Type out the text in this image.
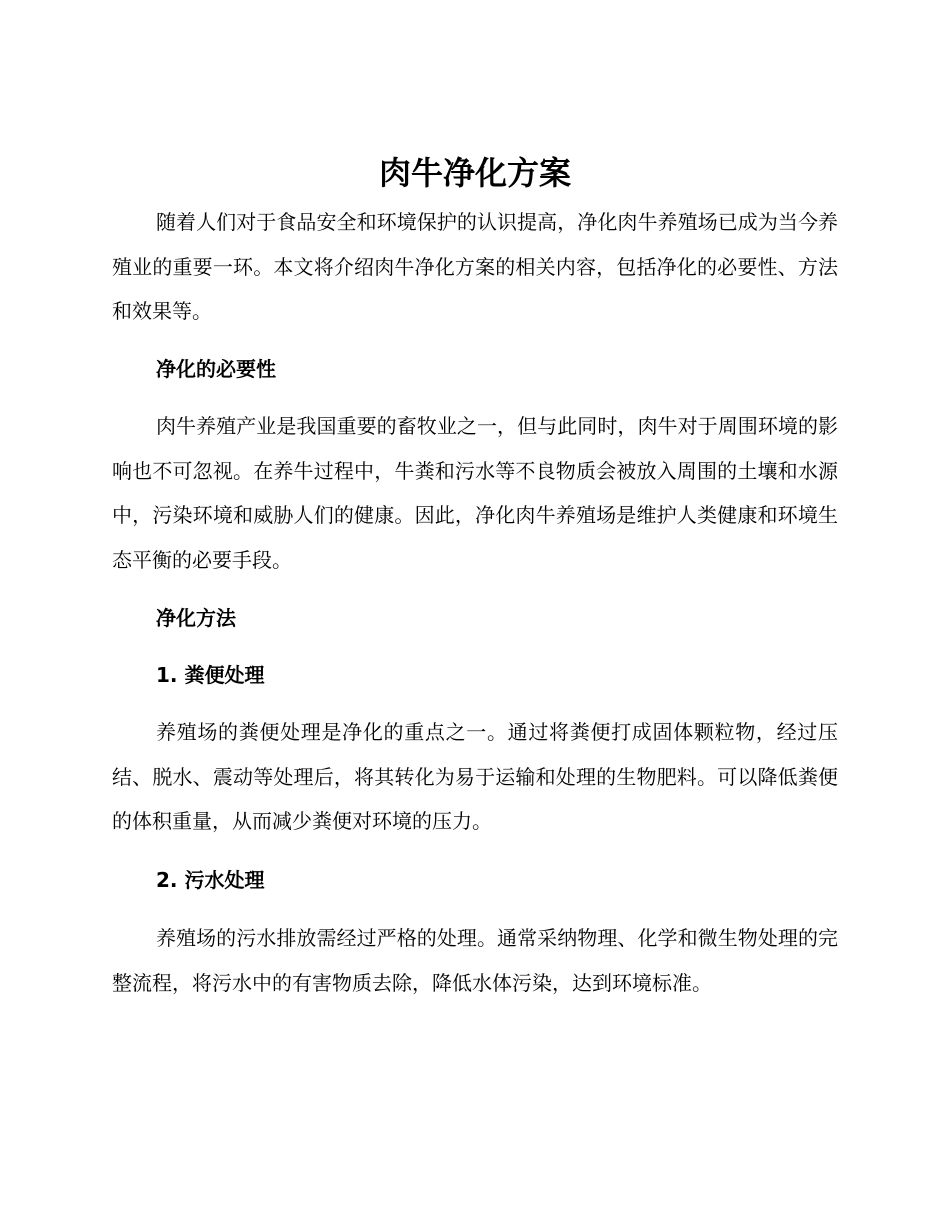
肉牛净化方案

随着人们对于食品安全和环境保护的认识提高，净化肉牛养殖场已成为当今养殖业的重要一环。本文将介绍肉牛净化方案的相关内容，包括净化的必要性、方法和效果等。

净化的必要性

肉牛养殖产业是我国重要的畜牧业之一，但与此同时，肉牛对于周围环境的影响也不可忽视。在养牛过程中，牛粪和污水等不良物质会被放入周围的土壤和水源中，污染环境和威胁人们的健康。因此，净化肉牛养殖场是维护人类健康和环境生态平衡的必要手段。

净化方法
1. 粪便处理

养殖场的粪便处理是净化的重点之一。通过将粪便打成固体颗粒物，经过压结、脱水、震动等处理后，将其转化为易于运输和处理的生物肥料。可以降低粪便的体积重量，从而减少粪便对环境的压力。

2. 污水处理

养殖场的污水排放需经过严格的处理。通常采纳物理、化学和微生物处理的完整流程，将污水中的有害物质去除，降低水体污染，达到环境标准。
